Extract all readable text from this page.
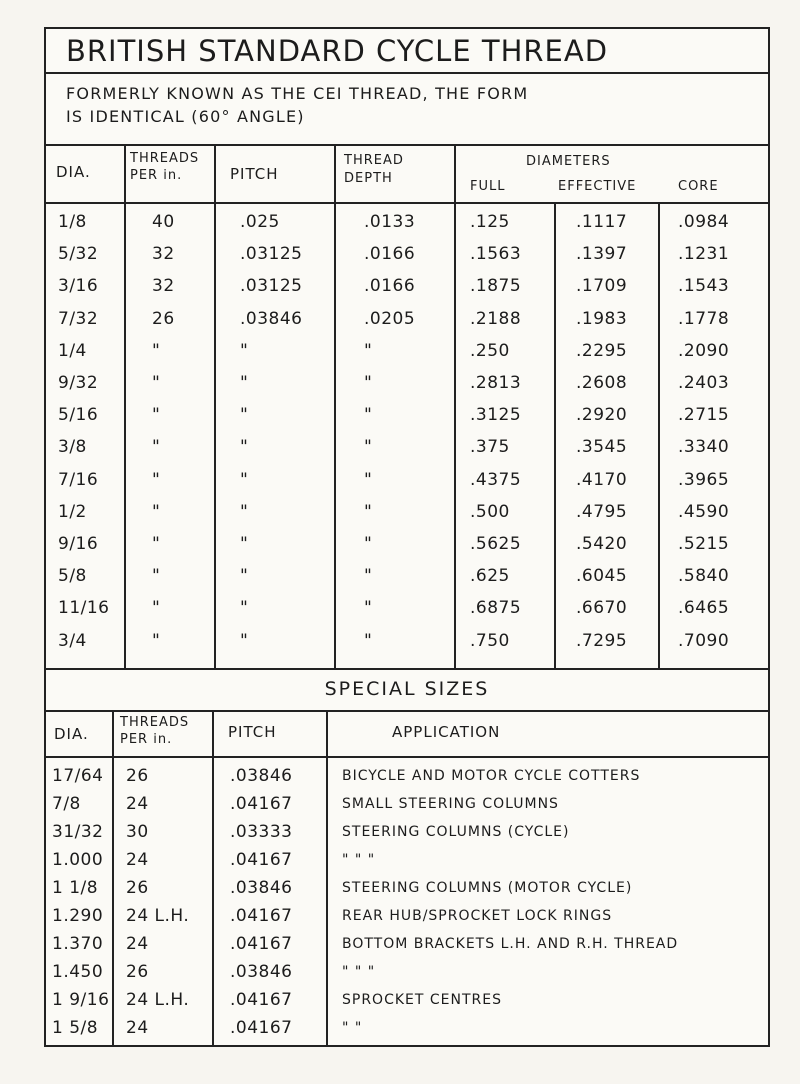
BRITISH STANDARD CYCLE THREAD
FORMERLY KNOWN AS THE CEI THREAD, THE FORM
IS IDENTICAL (60° ANGLE)
DIA.
THREADS
PER in.	PITCH
THREAD
DEPTH
DIAMETERS
FULL	EFFECTIVE	CORE
1/8	40	.025	.0133	.125	.1117	.0984
5/32	32	.03125	.0166	.1563	.1397	.1231
3/16	32	.03125	.0166	.1875	.1709	.1543
7/32	26	.03846	.0205	.2188	.1983	.1778
1/4	"	"	"	.250	.2295	.2090
9/32	"	"	"	.2813	.2608	.2403
5/16	"	"	"	.3125	.2920	.2715
3/8	"	"	"	.375	.3545	.3340
7/16	"	"	"	.4375	.4170	.3965
1/2	"	"	"	.500	.4795	.4590
9/16	"	"	"	.5625	.5420	.5215
5/8	"	"	"	.625	.6045	.5840
11/16	"	"	"	.6875	.6670	.6465
3/4	"	"	"	.750	.7295	.7090
SPECIAL SIZES
DIA.
THREADS
PER in.	PITCH	APPLICATION
17/64 26	.03846	BICYCLE AND MOTOR CYCLE COTTERS
7/8	24	.04167	SMALL STEERING COLUMNS
31/32 30	.03333	STEERING COLUMNS (CYCLE)
1.000 24	.04167	" " "
1 1/8 26	.03846	STEERING COLUMNS (MOTOR CYCLE)
1.290 24 L.H. .04167	REAR HUB/SPROCKET LOCK RINGS
1.370 24	.04167	BOTTOM BRACKETS L.H. AND R.H. THREAD
1.450 26	.03846	" " "
1 9/16 24 L.H. .04167	SPROCKET CENTRES
1 5/8 24	.04167	" "
